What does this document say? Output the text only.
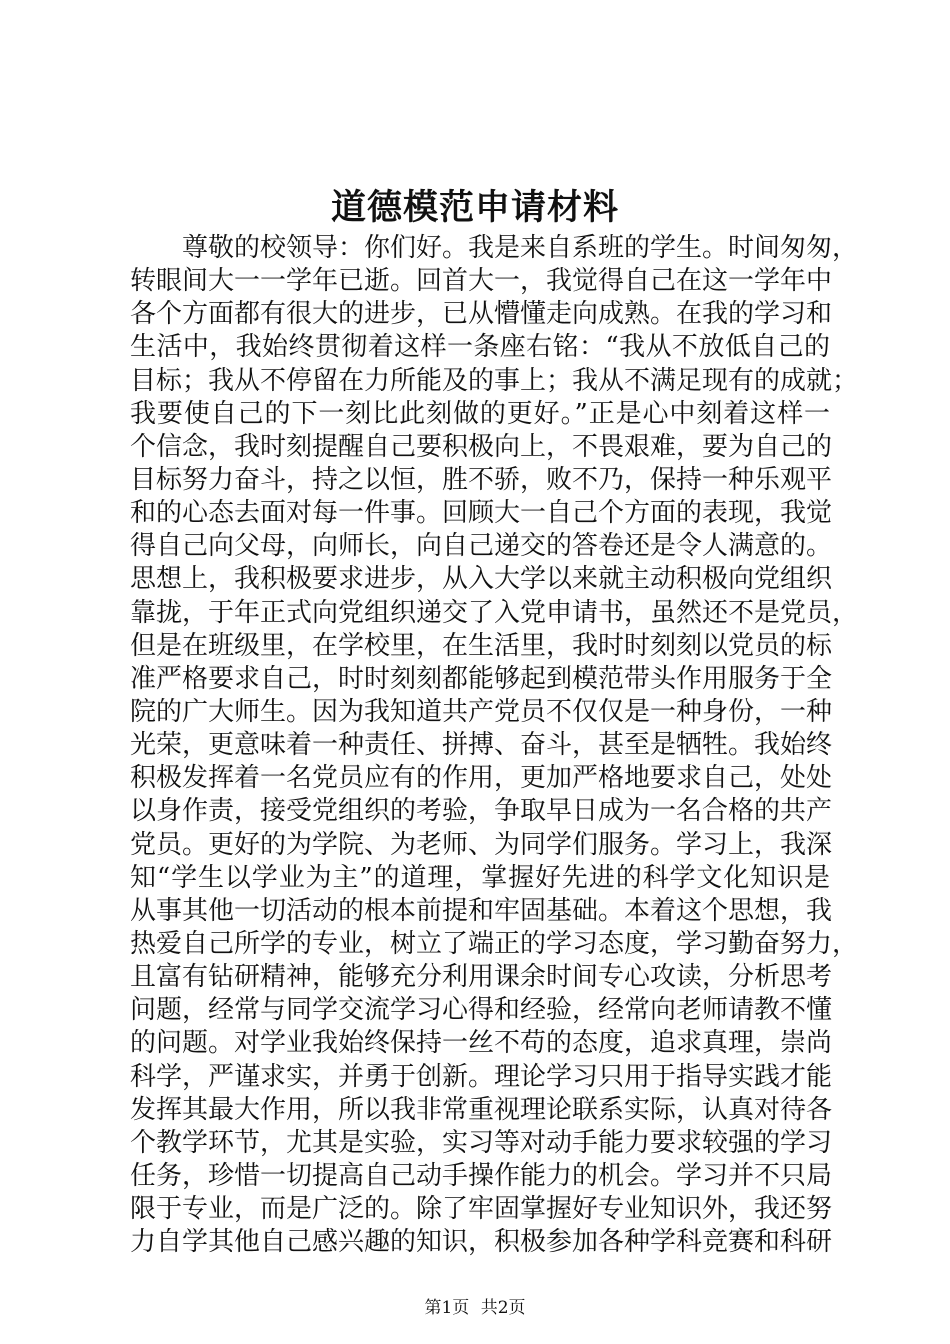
道德模范申请材料
尊敬的校领导：你们好。我是来自系班的学生。时间匆匆，
转眼间大一一学年已逝。回首大一，我觉得自己在这一学年中
各个方面都有很大的进步，已从懵懂走向成熟。在我的学习和
生活中，我始终贯彻着这样一条座右铭：“我从不放低自己的
目标；我从不停留在力所能及的事上；我从不满足现有的成就；
我要使自己的下一刻比此刻做的更好。”正是心中刻着这样一
个信念，我时刻提醒自己要积极向上，不畏艰难，要为自己的
目标努力奋斗，持之以恒，胜不骄，败不乃，保持一种乐观平
和的心态去面对每一件事。回顾大一自己个方面的表现，我觉
得自己向父母，向师长，向自己递交的答卷还是令人满意的。
思想上，我积极要求进步，从入大学以来就主动积极向党组织
靠拢，于年正式向党组织递交了入党申请书，虽然还不是党员，
但是在班级里，在学校里，在生活里，我时时刻刻以党员的标
准严格要求自己，时时刻刻都能够起到模范带头作用服务于全
院的广大师生。因为我知道共产党员不仅仅是一种身份，一种
光荣，更意味着一种责任、拼搏、奋斗，甚至是牺牲。我始终
积极发挥着一名党员应有的作用，更加严格地要求自己，处处
以身作责，接受党组织的考验，争取早日成为一名合格的共产
党员。更好的为学院、为老师、为同学们服务。学习上，我深
知“学生以学业为主”的道理，掌握好先进的科学文化知识是
从事其他一切活动的根本前提和牢固基础。本着这个思想，我
热爱自己所学的专业，树立了端正的学习态度，学习勤奋努力，
且富有钻研精神，能够充分利用课余时间专心攻读，分析思考
问题，经常与同学交流学习心得和经验，经常向老师请教不懂
的问题。对学业我始终保持一丝不苟的态度，追求真理，崇尚
科学，严谨求实，并勇于创新。理论学习只用于指导实践才能
发挥其最大作用，所以我非常重视理论联系实际，认真对待各
个教学环节，尤其是实验，实习等对动手能力要求较强的学习
任务，珍惜一切提高自己动手操作能力的机会。学习并不只局
限于专业，而是广泛的。除了牢固掌握好专业知识外，我还努
力自学其他自己感兴趣的知识，积极参加各种学科竞赛和科研
第1页 共2页
